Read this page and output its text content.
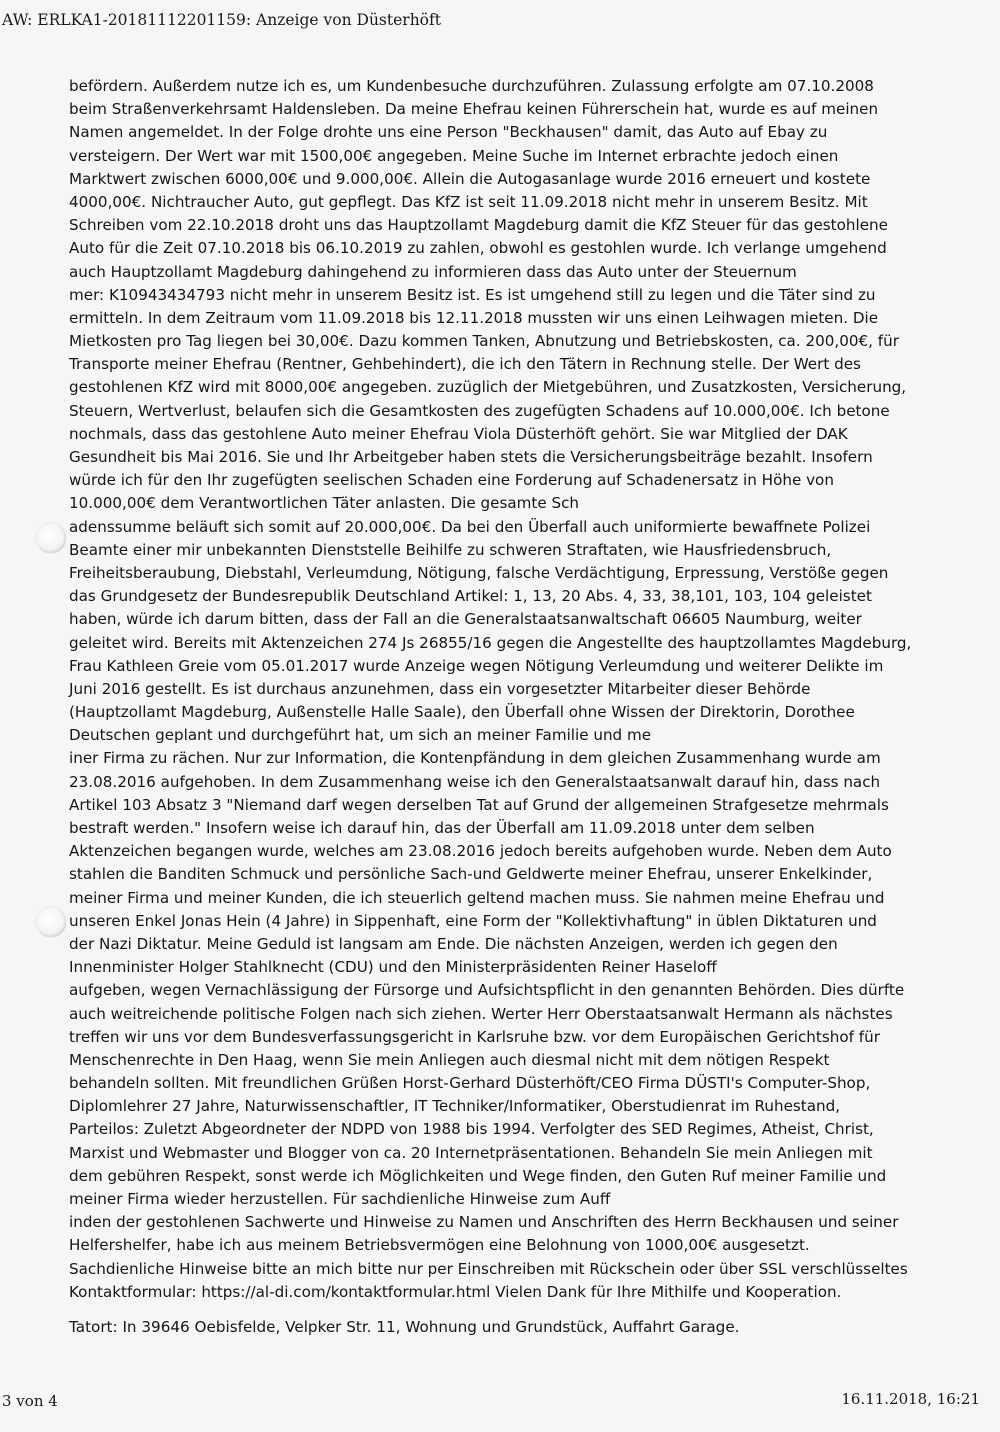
AW: ERLKA1-20181112201159: Anzeige von Düsterhöft
befördern. Außerdem nutze ich es, um Kundenbesuche durchzuführen. Zulassung erfolgte am 07.10.2008
beim Straßenverkehrsamt Haldensleben. Da meine Ehefrau keinen Führerschein hat, wurde es auf meinen
Namen angemeldet. In der Folge drohte uns eine Person "Beckhausen" damit, das Auto auf Ebay zu
versteigern. Der Wert war mit 1500,00€ angegeben. Meine Suche im Internet erbrachte jedoch einen
Marktwert zwischen 6000,00€ und 9.000,00€. Allein die Autogasanlage wurde 2016 erneuert und kostete
4000,00€. Nichtraucher Auto, gut gepflegt. Das KfZ ist seit 11.09.2018 nicht mehr in unserem Besitz. Mit
Schreiben vom 22.10.2018 droht uns das Hauptzollamt Magdeburg damit die KfZ Steuer für das gestohlene
Auto für die Zeit 07.10.2018 bis 06.10.2019 zu zahlen, obwohl es gestohlen wurde. Ich verlange umgehend
auch Hauptzollamt Magdeburg dahingehend zu informieren dass das Auto unter der Steuernum
mer: K10943434793 nicht mehr in unserem Besitz ist. Es ist umgehend still zu legen und die Täter sind zu
ermitteln. In dem Zeitraum vom 11.09.2018 bis 12.11.2018 mussten wir uns einen Leihwagen mieten. Die
Mietkosten pro Tag liegen bei 30,00€. Dazu kommen Tanken, Abnutzung und Betriebskosten, ca. 200,00€, für
Transporte meiner Ehefrau (Rentner, Gehbehindert), die ich den Tätern in Rechnung stelle. Der Wert des
gestohlenen KfZ wird mit 8000,00€ angegeben. zuzüglich der Mietgebühren, und Zusatzkosten, Versicherung,
Steuern, Wertverlust, belaufen sich die Gesamtkosten des zugefügten Schadens auf 10.000,00€. Ich betone
nochmals, dass das gestohlene Auto meiner Ehefrau Viola Düsterhöft gehört. Sie war Mitglied der DAK
Gesundheit bis Mai 2016. Sie und Ihr Arbeitgeber haben stets die Versicherungsbeiträge bezahlt. Insofern
würde ich für den Ihr zugefügten seelischen Schaden eine Forderung auf Schadenersatz in Höhe von
10.000,00€ dem Verantwortlichen Täter anlasten. Die gesamte Sch
adenssumme beläuft sich somit auf 20.000,00€. Da bei den Überfall auch uniformierte bewaffnete Polizei
Beamte einer mir unbekannten Dienststelle Beihilfe zu schweren Straftaten, wie Hausfriedensbruch,
Freiheitsberaubung, Diebstahl, Verleumdung, Nötigung, falsche Verdächtigung, Erpressung, Verstöße gegen
das Grundgesetz der Bundesrepublik Deutschland Artikel: 1, 13, 20 Abs. 4, 33, 38,101, 103, 104 geleistet
haben, würde ich darum bitten, dass der Fall an die Generalstaatsanwaltschaft 06605 Naumburg, weiter
geleitet wird. Bereits mit Aktenzeichen 274 Js 26855/16 gegen die Angestellte des hauptzollamtes Magdeburg,
Frau Kathleen Greie vom 05.01.2017 wurde Anzeige wegen Nötigung Verleumdung und weiterer Delikte im
Juni 2016 gestellt. Es ist durchaus anzunehmen, dass ein vorgesetzter Mitarbeiter dieser Behörde
(Hauptzollamt Magdeburg, Außenstelle Halle Saale), den Überfall ohne Wissen der Direktorin, Dorothee
Deutschen geplant und durchgeführt hat, um sich an meiner Familie und me
iner Firma zu rächen. Nur zur Information, die Kontenpfändung in dem gleichen Zusammenhang wurde am
23.08.2016 aufgehoben. In dem Zusammenhang weise ich den Generalstaatsanwalt darauf hin, dass nach
Artikel 103 Absatz 3 "Niemand darf wegen derselben Tat auf Grund der allgemeinen Strafgesetze mehrmals
bestraft werden." Insofern weise ich darauf hin, das der Überfall am 11.09.2018 unter dem selben
Aktenzeichen begangen wurde, welches am 23.08.2016 jedoch bereits aufgehoben wurde. Neben dem Auto
stahlen die Banditen Schmuck und persönliche Sach-und Geldwerte meiner Ehefrau, unserer Enkelkinder,
meiner Firma und meiner Kunden, die ich steuerlich geltend machen muss. Sie nahmen meine Ehefrau und
unseren Enkel Jonas Hein (4 Jahre) in Sippenhaft, eine Form der "Kollektivhaftung" in üblen Diktaturen und
der Nazi Diktatur. Meine Geduld ist langsam am Ende. Die nächsten Anzeigen, werden ich gegen den
Innenminister Holger Stahlknecht (CDU) und den Ministerpräsidenten Reiner Haseloff
aufgeben, wegen Vernachlässigung der Fürsorge und Aufsichtspflicht in den genannten Behörden. Dies dürfte
auch weitreichende politische Folgen nach sich ziehen. Werter Herr Oberstaatsanwalt Hermann als nächstes
treffen wir uns vor dem Bundesverfassungsgericht in Karlsruhe bzw. vor dem Europäischen Gerichtshof für
Menschenrechte in Den Haag, wenn Sie mein Anliegen auch diesmal nicht mit dem nötigen Respekt
behandeln sollten. Mit freundlichen Grüßen Horst-Gerhard Düsterhöft/CEO Firma DÜSTI's Computer-Shop,
Diplomlehrer 27 Jahre, Naturwissenschaftler, IT Techniker/Informatiker, Oberstudienrat im Ruhestand,
Parteilos: Zuletzt Abgeordneter der NDPD von 1988 bis 1994. Verfolgter des SED Regimes, Atheist, Christ,
Marxist und Webmaster und Blogger von ca. 20 Internetpräsentationen. Behandeln Sie mein Anliegen mit
dem gebühren Respekt, sonst werde ich Möglichkeiten und Wege finden, den Guten Ruf meiner Familie und
meiner Firma wieder herzustellen. Für sachdienliche Hinweise zum Auff
inden der gestohlenen Sachwerte und Hinweise zu Namen und Anschriften des Herrn Beckhausen und seiner
Helfershelfer, habe ich aus meinem Betriebsvermögen eine Belohnung von 1000,00€ ausgesetzt.
Sachdienliche Hinweise bitte an mich bitte nur per Einschreiben mit Rückschein oder über SSL verschlüsseltes
Kontaktformular: https://al-di.com/kontaktformular.html Vielen Dank für Ihre Mithilfe und Kooperation.
Tatort: In 39646 Oebisfelde, Velpker Str. 11, Wohnung und Grundstück, Auffahrt Garage.
3 von 4	16.11.2018, 16:21
